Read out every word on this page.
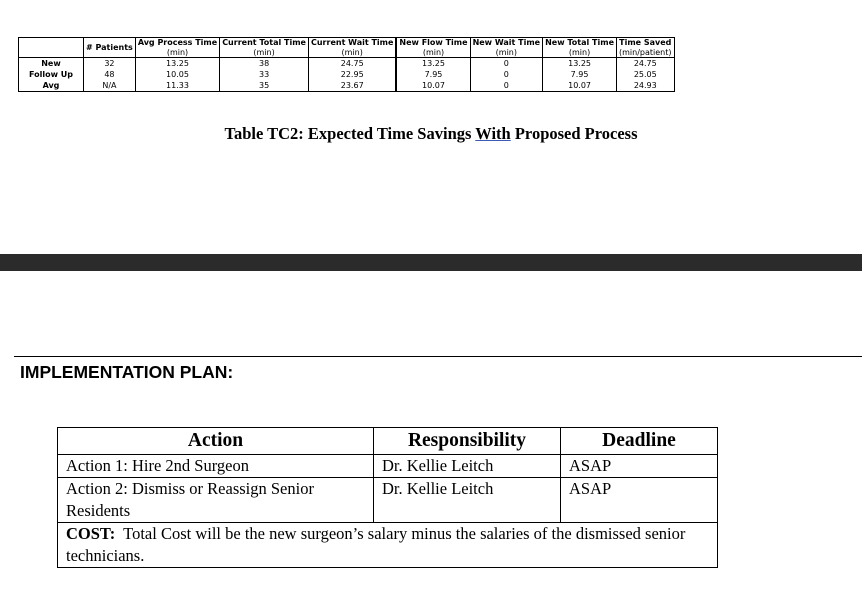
	# Patients	Avg Process Time	Current Total Time	Current Wait Time	New Flow Time	New Wait Time	New Total Time	Time Saved
		(min)	(min)	(min)	(min)	(min)	(min)	(min/patient)
New	32	13.25	38	24.75	13.25	0	13.25	24.75
Follow Up	48	10.05	33	22.95	7.95	0	7.95	25.05
Avg	N/A	11.33	35	23.67	10.07	0	10.07	24.93
Table TC2: Expected Time Savings With Proposed Process
IMPLEMENTATION PLAN:
Action	Responsibility	Deadline
Action 1: Hire 2nd Surgeon	Dr. Kellie Leitch	ASAP
Action 2: Dismiss or Reassign Senior Residents	Dr. Kellie Leitch	ASAP
COST: Total Cost will be the new surgeon’s salary minus the salaries of the dismissed senior technicians.		
